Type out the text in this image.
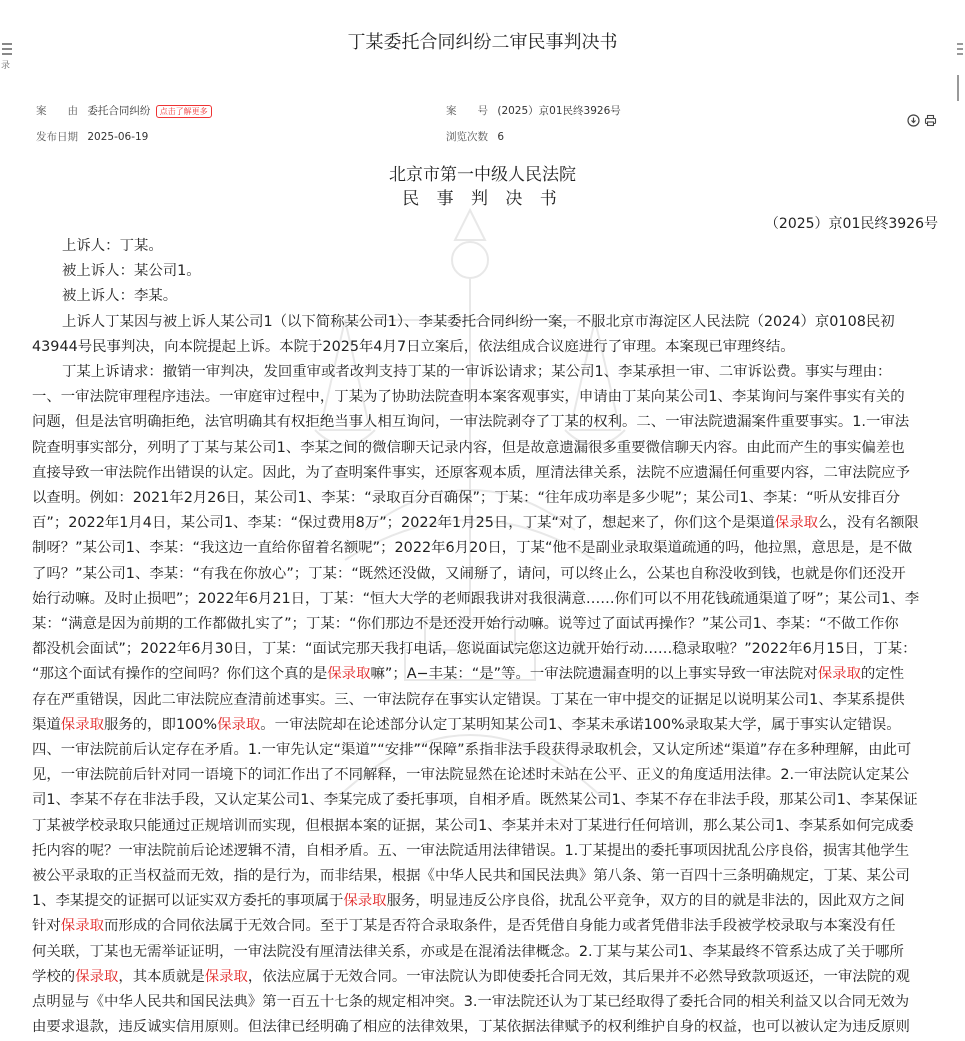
录
丁某委托合同纠纷二审民事判决书
案　　由 委托合同纠纷 点击了解更多	案　　号 (2025）京01民终3926号
发布日期 2025-06-19	浏览次数 6
北京市第一中级人民法院
民 事 判 决 书
（2025）京01民终3926号

上诉人：丁某。

被上诉人：某公司1。

被上诉人：李某。

上诉人丁某因与被上诉人某公司1（以下简称某公司1）、李某委托合同纠纷一案，不服北京市海淀区人民法院（2024）京0108民初

43944号民事判决，向本院提起上诉。本院于2025年4月7日立案后，依法组成合议庭进行了审理。本案现已审理终结。

丁某上诉请求：撤销一审判决，发回重审或者改判支持丁某的一审诉讼请求；某公司1、李某承担一审、二审诉讼费。事实与理由：

一、一审法院审理程序违法。一审庭审过程中，丁某为了协助法院查明本案客观事实，申请由丁某向某公司1、李某询问与案件事实有关的

问题，但是法官明确拒绝，法官明确其有权拒绝当事人相互询问，一审法院剥夺了丁某的权利。二、一审法院遗漏案件重要事实。1.一审法

院查明事实部分，列明了丁某与某公司1、李某之间的微信聊天记录内容，但是故意遗漏很多重要微信聊天内容。由此而产生的事实偏差也

直接导致一审法院作出错误的认定。因此，为了查明案件事实，还原客观本质，厘清法律关系，法院不应遗漏任何重要内容，二审法院应予

以查明。例如：2021年2月26日，某公司1、李某：“录取百分百确保”；丁某：“往年成功率是多少呢”；某公司1、李某：“听从安排百分

百”；2022年1月4日，某公司1、李某：“保过费用8万”；2022年1月25日，丁某“对了，想起来了，你们这个是渠道保录取么，没有名额限

制呀？”某公司1、李某：“我这边一直给你留着名额呢”；2022年6月20日，丁某“他不是副业录取渠道疏通的吗，他拉黑，意思是，是不做

了吗？”某公司1、李某：“有我在你放心”；丁某：“既然还没做，又闹掰了，请问，可以终止么，公某也自称没收到钱，也就是你们还没开

始行动嘛。及时止损吧”；2022年6月21日，丁某：“恒大大学的老师跟我讲对我很满意……你们可以不用花钱疏通渠道了呀”；某公司1、李

某：“满意是因为前期的工作都做扎实了”；丁某：“你们那边不是还没开始行动嘛。说等过了面试再操作？”某公司1、李某：“不做工作你

都没机会面试”；2022年6月30日，丁某：“面试完那天我打电话，您说面试完您这边就开始行动……稳录取啦？”2022年6月15日，丁某：

“那这个面试有操作的空间吗？你们这个真的是保录取嘛”；A−丰某：“是”等。一审法院遗漏查明的以上事实导致一审法院对保录取的定性

存在严重错误，因此二审法院应查清前述事实。三、一审法院存在事实认定错误。丁某在一审中提交的证据足以说明某公司1、李某系提供

渠道保录取服务的，即100%保录取。一审法院却在论述部分认定丁某明知某公司1、李某未承诺100%录取某大学，属于事实认定错误。

四、一审法院前后认定存在矛盾。1.一审先认定“渠道”“安排”“保障”系指非法手段获得录取机会，又认定所述“渠道”存在多种理解，由此可

见，一审法院前后针对同一语境下的词汇作出了不同解释，一审法院显然在论述时未站在公平、正义的角度适用法律。2.一审法院认定某公

司1、李某不存在非法手段，又认定某公司1、李某完成了委托事项，自相矛盾。既然某公司1、李某不存在非法手段，那某公司1、李某保证

丁某被学校录取只能通过正规培训而实现，但根据本案的证据，某公司1、李某并未对丁某进行任何培训，那么某公司1、李某系如何完成委

托内容的呢？一审法院前后论述逻辑不清，自相矛盾。五、一审法院适用法律错误。1.丁某提出的委托事项因扰乱公序良俗，损害其他学生

被公平录取的正当权益而无效，指的是行为，而非结果，根据《中华人民共和国民法典》第八条、第一百四十三条明确规定，丁某、某公司

1、李某提交的证据可以证实双方委托的事项属于保录取服务，明显违反公序良俗，扰乱公平竞争，双方的目的就是非法的，因此双方之间

针对保录取而形成的合同依法属于无效合同。至于丁某是否符合录取条件，是否凭借自身能力或者凭借非法手段被学校录取与本案没有任

何关联，丁某也无需举证证明，一审法院没有厘清法律关系，亦或是在混淆法律概念。2.丁某与某公司1、李某最终不管系达成了关于哪所

学校的保录取，其本质就是保录取，依法应属于无效合同。一审法院认为即使委托合同无效，其后果并不必然导致款项返还，一审法院的观

点明显与《中华人民共和国民法典》第一百五十七条的规定相冲突。3.一审法院还认为丁某已经取得了委托合同的相关利益又以合同无效为

由要求退款，违反诚实信用原则。但法律已经明确了相应的法律效果，丁某依据法律赋予的权利维护自身的权益，也可以被认定为违反原则
